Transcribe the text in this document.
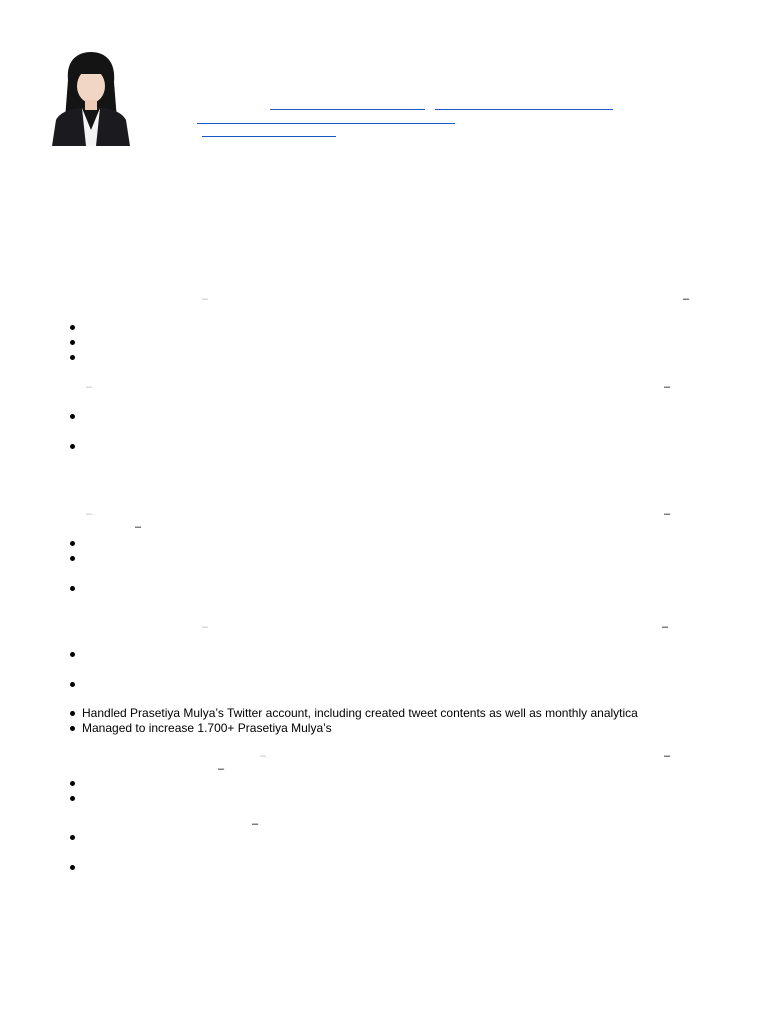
–	–
–	–
–	–
–
–	–
Handled Prasetiya Mulya’s Twitter account, including created tweet contents as well as monthly analytica
Managed to increase 1.700+ Prasetiya Mulya’s
–	–
–
–
